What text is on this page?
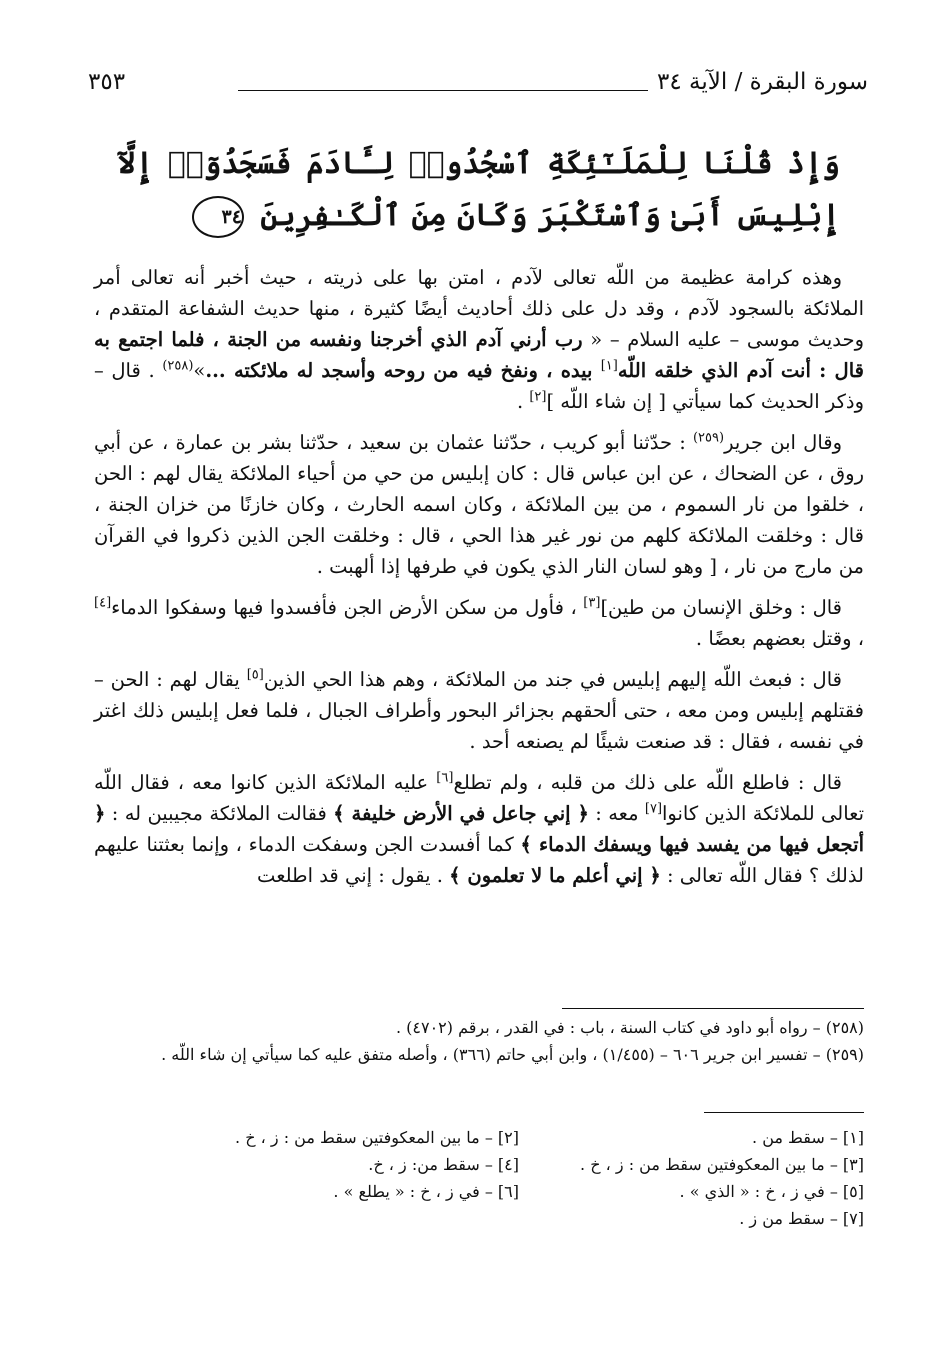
٣٥٣	سورة البقرة / الآية ٣٤
وَإِذْ قُلْنَا لِلْمَلَـٰٓئِكَةِ ٱسْجُدُوا۟ لِـَٔادَمَ فَسَجَدُوٓا۟ إِلَّآ إِبْلِيسَ أَبَىٰ وَٱسْتَكْبَرَ وَكَانَ مِنَ ٱلْكَـٰفِرِينَ ٣٤

وهذه كرامة عظيمة من اللّه تعالى لآدم ، امتن بها على ذريته ، حيث أخبر أنه تعالى أمر الملائكة بالسجود لآدم ، وقد دل على ذلك أحاديث أيضًا كثيرة ، منها حديث الشفاعة المتقدم ، وحديث موسى – عليه السلام – « رب أرني آدم الذي أخرجنا ونفسه من الجنة ، فلما اجتمع به قال : أنت آدم الذي خلقه اللّه[١] بيده ، ونفخ فيه من روحه وأسجد له ملائكته ...»$^{(٢٥٨)}$ . قال – وذكر الحديث كما سيأتي [ إن شاء اللّه ][٢] .

وقال ابن جرير$^{(٢٥٩)}$ : حدّثنا أبو كريب ، حدّثنا عثمان بن سعيد ، حدّثنا بشر بن عمارة ، عن أبي روق ، عن الضحاك ، عن ابن عباس قال : كان إبليس من حي من أحياء الملائكة يقال لهم : الحن ، خلقوا من نار السموم ، من بين الملائكة ، وكان اسمه الحارث ، وكان خازنًا من خزان الجنة ، قال : وخلقت الملائكة كلهم من نور غير هذا الحي ، قال : وخلقت الجن الذين ذكروا في القرآن من مارج من نار ، [ وهو لسان النار الذي يكون في طرفها إذا ألهبت .

قال : وخلق الإنسان من طين][٣] ، فأول من سكن الأرض الجن فأفسدوا فيها وسفكوا الدماء[٤] ، وقتل بعضهم بعضًا .

قال : فبعث اللّه إليهم إبليس في جند من الملائكة ، وهم هذا الحي الذين[٥] يقال لهم : الحن – فقتلهم إبليس ومن معه ، حتى ألحقهم بجزائر البحور وأطراف الجبال ، فلما فعل إبليس ذلك اغتر في نفسه ، فقال : قد صنعت شيئًا لم يصنعه أحد .

قال : فاطلع اللّه على ذلك من قلبه ، ولم تطلع[٦] عليه الملائكة الذين كانوا معه ، فقال اللّه تعالى للملائكة الذين كانوا[٧] معه : ﴿ إني جاعل في الأرض خليفة ﴾ فقالت الملائكة مجيبين له : ﴿ أتجعل فيها من يفسد فيها ويسفك الدماء ﴾ كما أفسدت الجن وسفكت الدماء ، وإنما بعثتنا عليهم لذلك ؟ فقال اللّه تعالى : ﴿ إني أعلم ما لا تعلمون ﴾ . يقول : إني قد اطلعت

(٢٥٨) – رواه أبو داود في كتاب السنة ، باب : في القدر ، برقم (٤٧٠٢) .

(٢٥٩) – تفسير ابن جرير ٦٠٦ – (١/٤٥٥) ، وابن أبي حاتم (٣٦٦) ، وأصله متفق عليه كما سيأتي إن شاء اللّه .

[١] – سقط من .
[٢] – ما بين المعكوفتين سقط من : ز ، خ .
[٣] – ما بين المعكوفتين سقط من : ز ، خ .
[٤] – سقط من: ز ، خ.
[٥] – في ز ، خ : « الذي » .
[٦] – في ز ، خ : « يطلع » .
[٧] – سقط من ز .
